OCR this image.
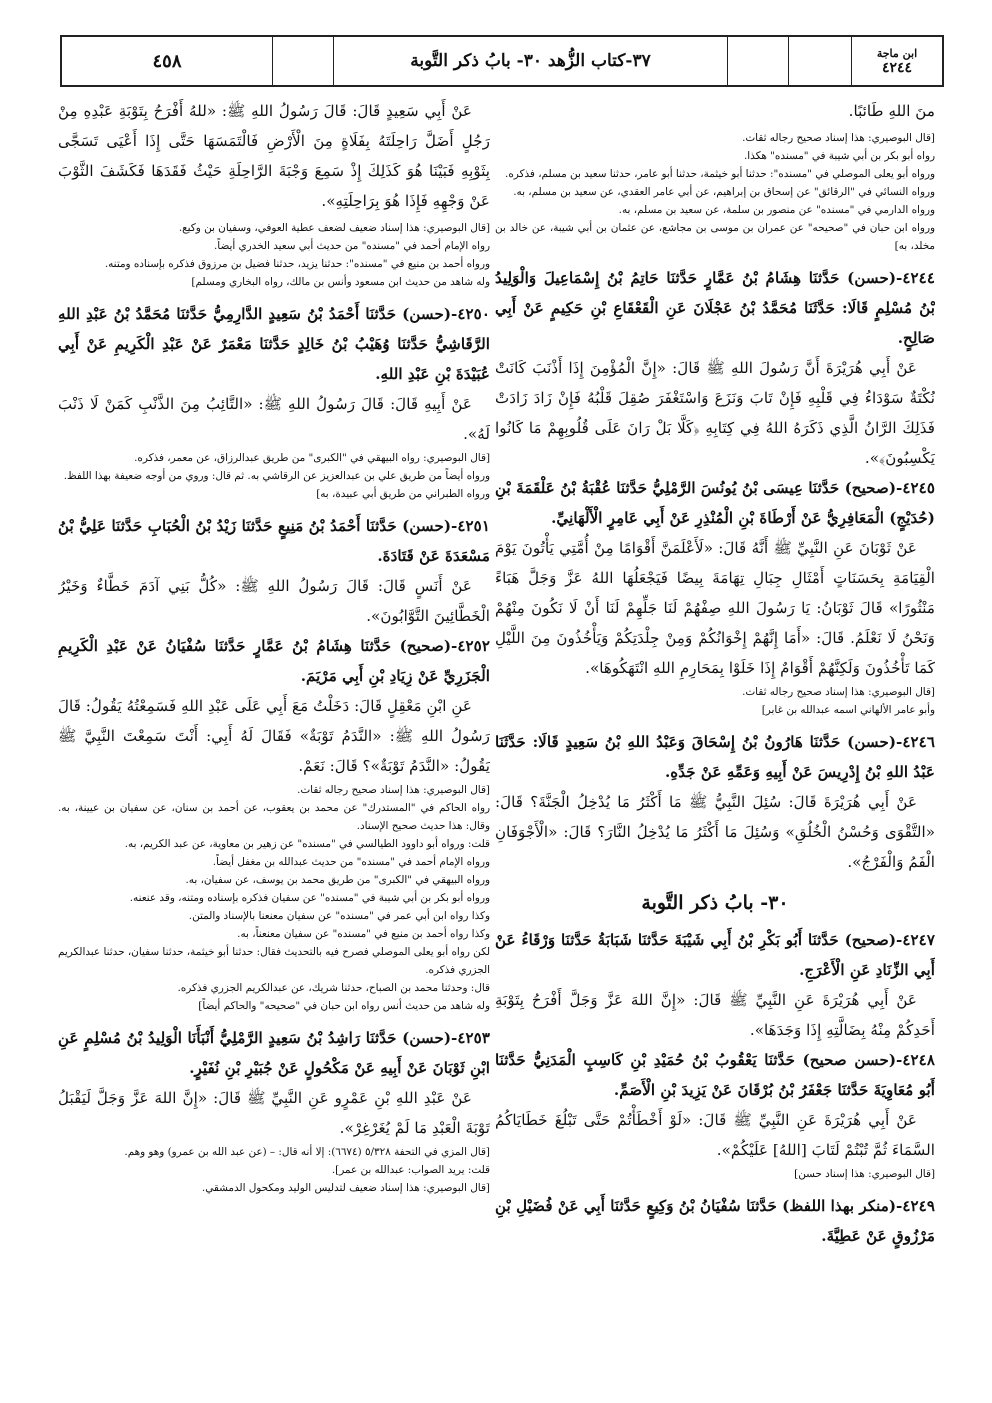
٤٥٨	٣٧-كتاب الزُّهد ٣٠- بابُ ذكر التَّوبة	ابن ماجة
٤٢٤٤

منَ اللهِ طَائبًا.

[قال البوصيري: هذا إسناد صحيح رجاله ثقات.

رواه أبو بكر بن أبي شيبة في "مسنده" هكذا.

ورواه أبو يعلى الموصلي في "مسنده": حدثنا أبو خيثمة، حدثنا أبو عامر، حدثنا سعيد بن مسلم، فذكره.

ورواه النسائي في "الرقائق" عن إسحاق بن إبراهيم، عن أبي عامر العقدي، عن سعيد بن مسلم، به.

ورواه الدارمي في "مسنده" عن منصور بن سلمة، عن سعيد بن مسلم، به.

ورواه ابن حبان في "صحيحه" عن عمران بن موسى بن مجاشع، عن عثمان بن أبي شيبة، عن خالد بن مخلد، به]

٤٢٤٤-(حسن) حَدَّثنَا هِشَامُ بْنُ عَمَّارٍ حَدَّثنَا حَاتِمُ بْنُ إِسْمَاعِيلَ وَالْوَلِيدُ بْنُ مُسْلِمٍ قَالَا: حَدَّثَنَا مُحَمَّدُ بْنُ عَجْلَانَ عَنِ الْقَعْقَاعِ بْنِ حَكِيمٍ عَنْ أَبِي صَالِحٍ.

عَنْ أَبِي هُرَيْرَةَ أَنَّ رَسُولَ اللهِ ﷺ قَالَ: «إِنَّ الْمُؤْمِنَ إِذَا أَذْنَبَ كَانَتْ نُكْتَةٌ سَوْدَاءُ فِي قَلْبِهِ فَإِنْ تَابَ وَنَزَعَ وَاسْتَغْفَرَ صُقِلَ قَلْبُهُ فَإِنْ زَادَ زَادَتْ فَذَلِكَ الرَّانُ الَّذِي ذَكَرَهُ اللهُ فِي كِتَابِهِ ﴿كَلَّا بَلْ رَانَ عَلَى قُلُوبِهِمْ مَا كَانُوا يَكْسِبُونَ﴾».

٤٢٤٥-(صحيح) حَدَّثنَا عِيسَى بْنُ يُونُسَ الرَّمْلِيُّ حَدَّثنَا عُقْبَةُ بْنُ عَلْقَمَةَ بْنِ (حُدَيْجٍ) الْمَعَافِرِيُّ عَنْ أَرْطَاةَ بْنِ الْمُنْذِرِ عَنْ أَبِي عَامِرٍ الْأَلْهَانِيِّ.

عَنْ ثَوْبَانَ عَنِ النَّبِيِّ ﷺ أَنَّهُ قَالَ: «لَأَعْلَمَنَّ أَقْوَامًا مِنْ أُمَّتِي يَأْتُونَ يَوْمَ الْقِيَامَةِ بِحَسَنَاتٍ أَمْثَالِ جِبَالِ تِهَامَةَ بِيضًا فَيَجْعَلُهَا اللهُ عَزَّ وَجَلَّ هَبَاءً مَنْثُورًا» قَالَ ثَوْبَانُ: يَا رَسُولَ اللهِ صِفْهُمْ لَنَا جَلِّهِمْ لَنَا أَنْ لَا نَكُونَ مِنْهُمْ وَنَحْنُ لَا نَعْلَمُ. قَالَ: «أَمَا إِنَّهُمْ إِخْوَانُكُمْ وَمِنْ جِلْدَتِكُمْ وَيَأْخُذُونَ مِنَ اللَّيْلِ كَمَا تَأْخُذُونَ وَلَكِنَّهُمْ أَقْوَامٌ إِذَا خَلَوْا بِمَحَارِمِ اللهِ انْتَهَكُوهَا».

[قال البوصيري: هذا إسناد صحيح رجاله ثقات.

وأبو عامر الألهاني اسمه عبدالله بن غابر]

٤٢٤٦-(حسن) حَدَّثنَا هَارُونُ بْنُ إِسْحَاقَ وَعَبْدُ اللهِ بْنُ سَعِيدٍ قَالَا: حَدَّثَنَا عَبْدُ اللهِ بْنُ إِدْرِيسَ عَنْ أَبِيهِ وَعَمِّهِ عَنْ جَدِّهِ.

عَنْ أَبِي هُرَيْرَةَ قَالَ: سُئِلَ النَّبِيُّ ﷺ مَا أَكْثَرُ مَا يُدْخِلُ الْجَنَّةَ؟ قَالَ: «التَّقْوَى وَحُسْنُ الْخُلُقِ» وَسُئِلَ مَا أَكْثَرُ مَا يُدْخِلُ النَّارَ؟ قَالَ: «الْأَجْوَفَانِ الْفَمُ وَالْفَرْجُ».

٣٠- بابُ ذكر التَّوبة

٤٢٤٧-(صحيح) حَدَّثنَا أَبُو بَكْرِ بْنُ أَبِي شَيْبَةَ حَدَّثنَا شَبَابَةُ حَدَّثنَا وَرْقَاءُ عَنْ أَبِي الزِّنَادِ عَنِ الْأَعْرَجِ.

عَنْ أَبِي هُرَيْرَةَ عَنِ النَّبِيِّ ﷺ قَالَ: «إِنَّ اللهَ عَزَّ وَجَلَّ أَفْرَحُ بِتَوْبَةِ أَحَدِكُمْ مِنْهُ بِضَالَّتِهِ إِذَا وَجَدَهَا».

٤٢٤٨-(حسن صحيح) حَدَّثنَا يَعْقُوبُ بْنُ حُمَيْدِ بْنِ كَاسِبٍ الْمَدَنِيُّ حَدَّثنَا أَبُو مُعَاوِيَةَ حَدَّثنَا جَعْفَرُ بْنُ بُرْقَانَ عَنْ يَزِيدَ بْنِ الْأَصَمِّ.

عَنْ أَبِي هُرَيْرَةَ عَنِ النَّبِيِّ ﷺ قَالَ: «لَوْ أَخْطَأْتُمْ حَتَّى تَبْلُغَ خَطَايَاكُمُ السَّمَاءَ ثُمَّ تُبْتُمْ لَتَابَ [اللهُ] عَلَيْكُمْ».

[قال البوصيري: هذا إسناد حسن]

٤٢٤٩-(منكر بهذا اللفظ) حَدَّثنَا سُفْيَانُ بْنُ وَكِيعٍ حَدَّثنَا أَبِي عَنْ فُضَيْلِ بْنِ مَرْزُوقٍ عَنْ عَطِيَّةَ.

عَنْ أَبِي سَعِيدٍ قَالَ: قَالَ رَسُولُ اللهِ ﷺ: «للهُ أَفْرَحُ بِتَوْبَةِ عَبْدِهِ مِنْ رَجُلٍ أَضَلَّ رَاحِلَتَهُ بِفَلَاةٍ مِنَ الْأَرْضِ فَالْتَمَسَهَا حَتَّى إِذَا أَعْيَى تَسَجَّى بِثَوْبِهِ فَبَيْنَا هُوَ كَذَلِكَ إِذْ سَمِعَ وَجْبَةَ الرَّاحِلَةِ حَيْثُ فَقَدَهَا فَكَشَفَ الثَّوْبَ عَنْ وَجْهِهِ فَإِذَا هُوَ بِرَاحِلَتِهِ».

[قال البوصيري: هذا إسناد ضعيف لضعف عطية العوفي، وسفيان بن وكيع.

رواه الإمام أحمد في "مسنده" من حديث أبي سعيد الخدري أيضاً.

ورواه أحمد بن منيع في "مسنده": حدثنا يزيد، حدثنا فضيل بن مرزوق فذكره بإسناده ومتنه.

وله شاهد من حديث ابن مسعود وأنس بن مالك، رواه البخاري ومسلم]

٤٢٥٠-(حسن) حَدَّثنَا أَحْمَدُ بْنُ سَعِيدٍ الدَّارِمِيُّ حَدَّثنَا مُحَمَّدُ بْنُ عَبْدِ اللهِ الرَّقَاشِيُّ حَدَّثنَا وُهَيْبُ بْنُ خَالِدٍ حَدَّثنَا مَعْمَرٌ عَنْ عَبْدِ الْكَرِيمِ عَنْ أَبِي عُبَيْدَةَ بْنِ عَبْدِ اللهِ.

عَنْ أَبِيهِ قَالَ: قَالَ رَسُولُ اللهِ ﷺ: «التَّائِبُ مِنَ الذَّنْبِ كَمَنْ لَا ذَنْبَ لَهُ».

[قال البوصيري: رواه البيهقي في "الكبرى" من طريق عبدالرزاق، عن معمر، فذكره.

ورواه أيضاً من طريق علي بن عبدالعزيز عن الرقاشي به. ثم قال: وروي من أوجه ضعيفة بهذا اللفظ.

ورواه الطبراني من طريق أبي عبيدة، به]

٤٢٥١-(حسن) حَدَّثنَا أَحْمَدُ بْنُ مَنِيعٍ حَدَّثنَا زَيْدُ بْنُ الْحُبَابِ حَدَّثنَا عَلِيُّ بْنُ مَسْعَدَةَ عَنْ قَتَادَةَ.

عَنْ أَنَسٍ قَالَ: قَالَ رَسُولُ اللهِ ﷺ: «كُلُّ بَنِي آدَمَ خَطَّاءٌ وَخَيْرُ الْخَطَّائِينَ التَّوَّابُونَ».

٤٢٥٢-(صحيح) حَدَّثنَا هِشَامُ بْنُ عَمَّارٍ حَدَّثنَا سُفْيَانُ عَنْ عَبْدِ الْكَرِيمِ الْجَزَرِيِّ عَنْ زِيَادِ بْنِ أَبِي مَرْيَمَ.

عَنِ ابْنِ مَعْقِلٍ قَالَ: دَخَلْتُ مَعَ أَبِي عَلَى عَبْدِ اللهِ فَسَمِعْتُهُ يَقُولُ: قَالَ رَسُولُ اللهِ ﷺ: «النَّدَمُ تَوْبَةٌ» فَقَالَ لَهُ أَبِي: أَنْتَ سَمِعْتَ النَّبِيَّ ﷺ يَقُولُ: «النَّدَمُ تَوْبَةٌ»؟ قَالَ: نَعَمْ.

[قال البوصيري: هذا إسناد صحيح رجاله ثقات.

رواه الحاكم في "المستدرك" عن محمد بن يعقوب، عن أحمد بن سنان، عن سفيان بن عيينة، به. وقال: هذا حديث صحيح الإسناد.

قلت: ورواه أبو داوود الطيالسي في "مسنده" عن زهير بن معاوية، عن عبد الكريم، به.

ورواه الإمام أحمد في "مسنده" من حديث عبدالله بن مغفل أيضاً.

ورواه البيهقي في "الكبرى" من طريق محمد بن يوسف، عن سفيان، به.

ورواه أبو بكر بن أبي شيبة في "مسنده" عن سفيان فذكره بإسناده ومتنه، وقد عنعنه.

وكذا رواه ابن أبي عمر في "مسنده" عن سفيان معنعنا بالإسناد والمتن.

وكذا رواه أحمد بن منيع في "مسنده" عن سفيان معنعناً، به.

لكن رواه أبو يعلى الموصلي فصرح فيه بالتحديث فقال: حدثنا أبو خيثمة، حدثنا سفيان، حدثنا عبدالكريم الجزري فذكره.

قال: وحدثنا محمد بن الصباح، حدثنا شريك، عن عبدالكريم الجزري فذكره.

وله شاهد من حديث أنس رواه ابن حبان في "صحيحه" والحاكم أيضاً]

٤٢٥٣-(حسن) حَدَّثنَا رَاشِدُ بْنُ سَعِيدٍ الرَّمْلِيُّ أَنْبَأَنَا الْوَلِيدُ بْنُ مُسْلِمٍ عَنِ ابْنِ ثَوْبَانَ عَنْ أَبِيهِ عَنْ مَكْحُولٍ عَنْ جُبَيْرِ بْنِ نُفَيْرٍ.

عَنْ عَبْدِ اللهِ بْنِ عَمْرٍو عَنِ النَّبِيِّ ﷺ قَالَ: «إِنَّ اللهَ عَزَّ وَجَلَّ لَيَقْبَلُ تَوْبَةَ الْعَبْدِ مَا لَمْ يُغَرْغِرْ».

[قال المزي في التحفة ٥/٣٢٨ (٦٦٧٤): إلا أنه قال: – (عن عبد الله بن عمرو) وهو وهم.

قلت: يريد الصواب: عبدالله بن عمر].

[قال البوصيري: هذا إسناد ضعيف لتدليس الوليد ومكحول الدمشقي.
